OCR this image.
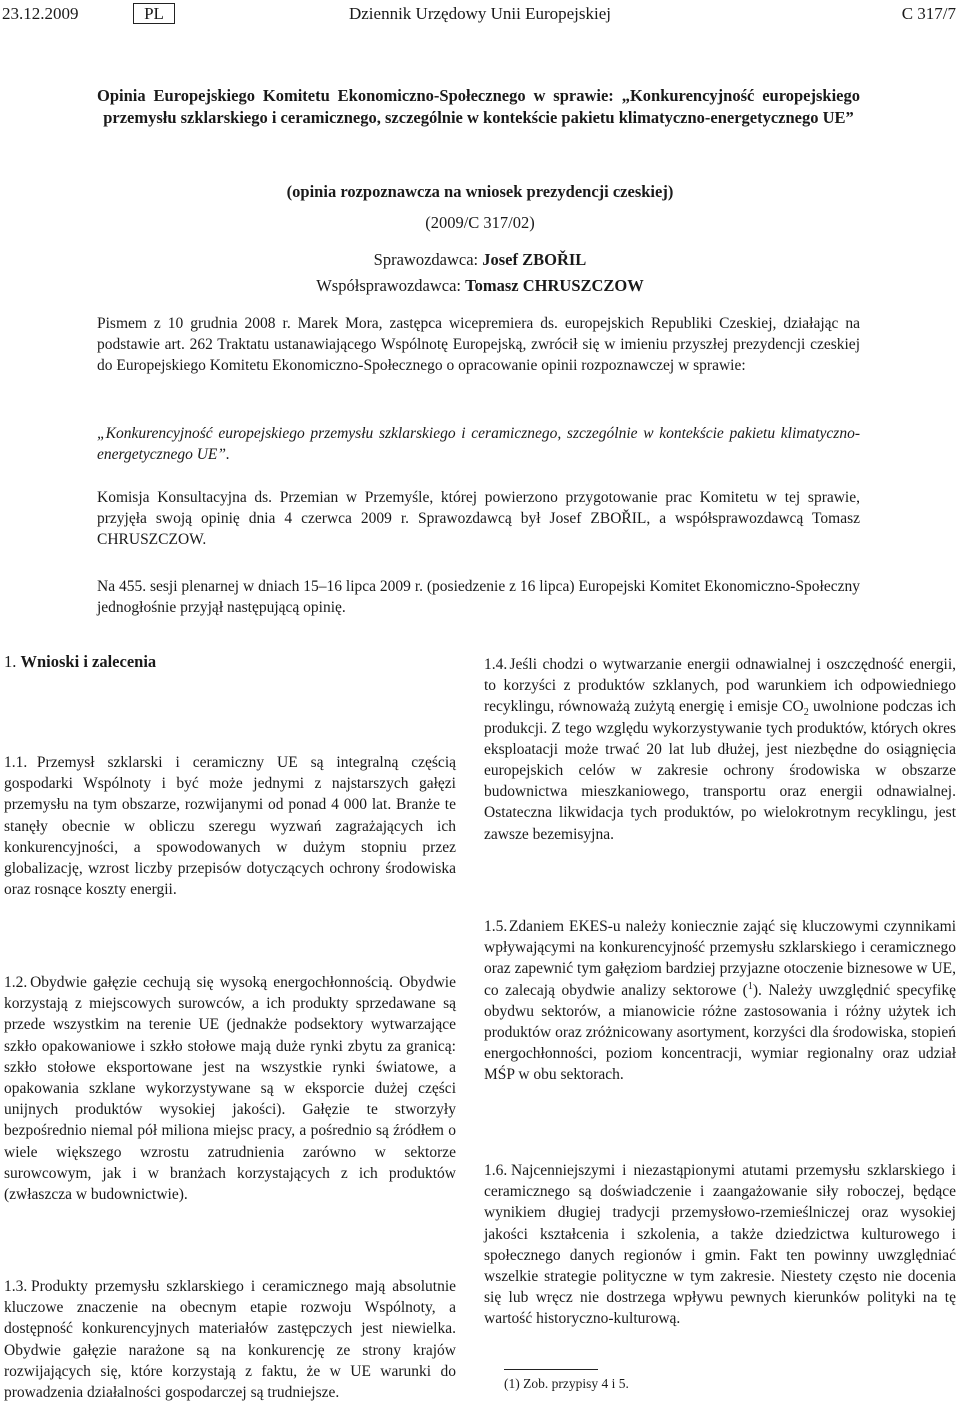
23.12.2009	Dziennik Urzędowy Unii Europejskiej
PL	C 317/7
Opinia Europejskiego Komitetu Ekonomiczno-Społecznego w sprawie: „Konkurencyjność europejskiego przemysłu szklarskiego i ceramicznego, szczególnie w kontekście pakietu klimatyczno-energetycznego UE”
(opinia rozpoznawcza na wniosek prezydencji czeskiej)
(2009/C 317/02)
Sprawozdawca: Josef ZBOŘIL
Współsprawozdawca: Tomasz CHRUSZCZOW
Pismem z 10 grudnia 2008 r. Marek Mora, zastępca wicepremiera ds. europejskich Republiki Czeskiej, działając na podstawie art. 262 Traktatu ustanawiającego Wspólnotę Europejską, zwrócił się w imieniu przyszłej prezydencji czeskiej do Europejskiego Komitetu Ekonomiczno-Społecznego o opracowanie opinii rozpoznawczej w sprawie:
„Konkurencyjność europejskiego przemysłu szklarskiego i ceramicznego, szczególnie w kontekście pakietu klimatyczno-energetycznego UE”.
Komisja Konsultacyjna ds. Przemian w Przemyśle, której powierzono przygotowanie prac Komitetu w tej sprawie, przyjęła swoją opinię dnia 4 czerwca 2009 r. Sprawozdawcą był Josef ZBOŘIL, a współsprawozdawcą Tomasz CHRUSZCZOW.
Na 455. sesji plenarnej w dniach 15–16 lipca 2009 r. (posiedzenie z 16 lipca) Europejski Komitet Ekonomiczno-Społeczny jednogłośnie przyjął następującą opinię.
1. Wnioski i zalecenia
1.1. Przemysł szklarski i ceramiczny UE są integralną częścią gospodarki Wspólnoty i być może jednymi z najstarszych gałęzi przemysłu na tym obszarze, rozwijanymi od ponad 4 000 lat. Branże te stanęły obecnie w obliczu szeregu wyzwań zagrażających ich konkurencyjności, a spowodowanych w dużym stopniu przez globalizację, wzrost liczby przepisów dotyczących ochrony środowiska oraz rosnące koszty energii.
1.2. Obydwie gałęzie cechują się wysoką energochłonnością. Obydwie korzystają z miejscowych surowców, a ich produkty sprzedawane są przede wszystkim na terenie UE (jednakże podsektory wytwarzające szkło opakowaniowe i szkło stołowe mają duże rynki zbytu za granicą: szkło stołowe eksportowane jest na wszystkie rynki światowe, a opakowania szklane wykorzystywane są w eksporcie dużej części unijnych produktów wysokiej jakości). Gałęzie te stworzyły bezpośrednio niemal pół miliona miejsc pracy, a pośrednio są źródłem o wiele większego wzrostu zatrudnienia zarówno w sektorze surowcowym, jak i w branżach korzystających z ich produktów (zwłaszcza w budownictwie).
1.3. Produkty przemysłu szklarskiego i ceramicznego mają absolutnie kluczowe znaczenie na obecnym etapie rozwoju Wspólnoty, a dostępność konkurencyjnych materiałów zastępczych jest niewielka. Obydwie gałęzie narażone są na konkurencję ze strony krajów rozwijających się, które korzystają z faktu, że w UE warunki do prowadzenia działalności gospodarczej są trudniejsze.
1.4. Jeśli chodzi o wytwarzanie energii odnawialnej i oszczędność energii, to korzyści z produktów szklanych, pod warunkiem ich odpowiedniego recyklingu, równoważą zużytą energię i emisje $CO_2$ uwolnione podczas ich produkcji. Z tego względu wykorzystywanie tych produktów, których okres eksploatacji może trwać 20 lat lub dłużej, jest niezbędne do osiągnięcia europejskich celów w zakresie ochrony środowiska w obszarze budownictwa mieszkaniowego, transportu oraz energii odnawialnej. Ostateczna likwidacja tych produktów, po wielokrotnym recyklingu, jest zawsze bezemisyjna.
1.5. Zdaniem EKES-u należy koniecznie zająć się kluczowymi czynnikami wpływającymi na konkurencyjność przemysłu szklarskiego i ceramicznego oraz zapewnić tym gałęziom bardziej przyjazne otoczenie biznesowe w UE, co zalecają obydwie analizy sektorowe ($^1$). Należy uwzględnić specyfikę obydwu sektorów, a mianowicie różne zastosowania i różny użytek ich produktów oraz zróżnicowany asortyment, korzyści dla środowiska, stopień energochłonności, poziom koncentracji, wymiar regionalny oraz udział MŚP w obu sektorach.
1.6. Najcenniejszymi i niezastąpionymi atutami przemysłu szklarskiego i ceramicznego są doświadczenie i zaangażowanie siły roboczej, będące wynikiem długiej tradycji przemysłowo-rzemieślniczej oraz wysokiej jakości kształcenia i szkolenia, a także dziedzictwa kulturowego i społecznego danych regionów i gmin. Fakt ten powinny uwzględniać wszelkie strategie polityczne w tym zakresie. Niestety często nie docenia się lub wręcz nie dostrzega wpływu pewnych kierunków polityki na tę wartość historyczno-kulturową.
(1) Zob. przypisy 4 i 5.
